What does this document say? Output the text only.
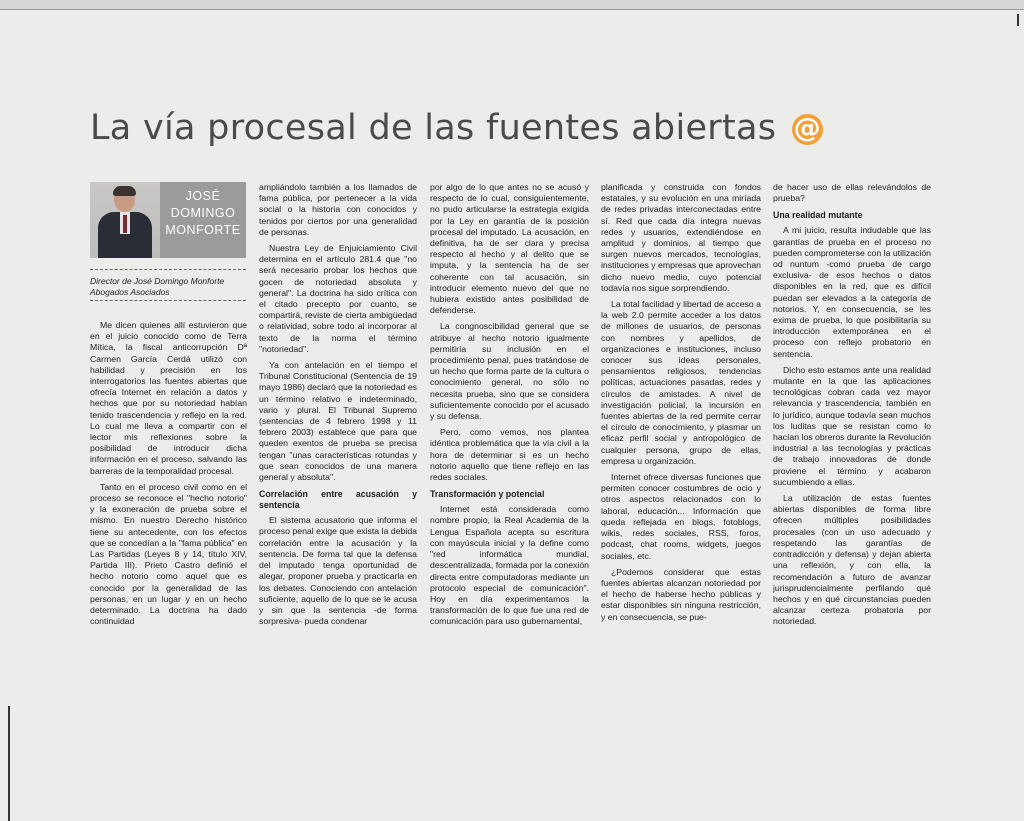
La vía procesal de las fuentes abiertas @
JOSÉ
DOMINGO
MONFORTE
Director de José Domingo Monforte
Abogados Asociados

Me dicen quienes allí estuvieron que en el juicio conocido como de Terra Mítica, la fiscal anticorrupción Dª Carmen García Cerdá utilizó con habilidad y precisión en los interrogatorios las fuentes abiertas que ofrecía Internet en relación a datos y hechos que por su notoriedad habían tenido trascendencia y reflejo en la red. Lo cual me lleva a compartir con el lector mis reflexiones sobre la posibilidad de introducir dicha información en el proceso, salvando las barreras de la temporalidad procesal.

Tanto en el proceso civil como en el proceso se reconoce el "hecho notorio" y la exoneración de prueba sobre el mismo. En nuestro Derecho histórico tiene su antecedente, con los efectos que se concedían a la "fama pública" en Las Partidas (Leyes 8 y 14, título XIV, Partida III). Prieto Castro definió el hecho notorio como aquel que es conocido por la generalidad de las personas, en un lugar y en un hecho determinado. La doctrina ha dado continuidad

ampliándolo también a los llamados de fama pública, por pertenecer a la vida social o la historia con conocidos y tenidos por ciertos por una generalidad de personas.

Nuestra Ley de Enjuiciamiento Civil determina en el artículo 281.4 que "no será necesario probar los hechos que gocen de notoriedad absoluta y general". La doctrina ha sido crítica con el citado precepto por cuanto, se compartirá, reviste de cierta ambigüedad o relatividad, sobre todo al incorporar al texto de la norma el término "notoriedad".

Ya con antelación en el tiempo el Tribunal Constitucional (Sentencia de 19 mayo 1986) declaró que la notoriedad es un término relativo e indeterminado, vario y plural. El Tribunal Supremo (sentencias de 4 febrero 1998 y 11 febrero 2003) establece que para que queden exentos de prueba se precisa tengan "unas características rotundas y que sean conocidos de una manera general y absoluta".

Correlación entre acusación y sentencia

El sistema acusatorio que informa el proceso penal exige que exista la debida correlación entre la acusación y la sentencia. De forma tal que la defensa del imputado tenga oportunidad de alegar, proponer prueba y practicarla en los debates. Conociendo con antelación suficiente, aquello de lo que se le acusa y sin que la sentencia -de forma sorpresiva- pueda condenar

por algo de lo que antes no se acusó y respecto de lo cual, consiguientemente, no pudo articularse la estrategia exigida por la Ley en garantía de la posición procesal del imputado. La acusación, en definitiva, ha de ser clara y precisa respecto al hecho y al delito que se imputa, y la sentencia ha de ser coherente con tal acusación, sin introducir elemento nuevo del que no hubiera existido antes posibilidad de defenderse.

La congnoscibilidad general que se atribuye al hecho notorio igualmente permitiría su inclusión en el procedimiento penal, pues tratándose de un hecho que forma parte de la cultura o conocimiento general, no sólo no necesita prueba, sino que se considera suficientemente conocido por el acusado y su defensa.

Pero, como vemos, nos plantea idéntica problemática que la vía civil a la hora de determinar si es un hecho notorio aquello que tiene reflejo en las redes sociales.

Transformación y potencial

Internet está considerada como nombre propio, la Real Academia de la Lengua Española acepta su escritura con mayúscula inicial y la define como "red informática mundial, descentralizada, formada por la conexión directa entre computadoras mediante un protocolo especial de comunicación". Hoy en día experimentamos la transformación de lo que fue una red de comunicación para uso gubernamental,

planificada y construida con fondos estatales, y su evolución en una miríada de redes privadas interconectadas entre sí. Red que cada día integra nuevas redes y usuarios, extendiéndose en amplitud y dominios, al tiempo que surgen nuevos mercados, tecnologías, instituciones y empresas que aprovechan dicho nuevo medio, cuyo potencial todavía nos sigue sorprendiendo.

La total facilidad y libertad de acceso a la web 2.0 permite acceder a los datos de millones de usuarios, de personas con nombres y apellidos, de organizaciones e instituciones, incluso conocer sus ideas personales, pensamientos religiosos, tendencias políticas, actuaciones pasadas, redes y círculos de amistades. A nivel de investigación policial, la incursión en fuentes abiertas de la red permite cerrar el círculo de conocimiento, y plasmar un eficaz perfil social y antropológico de cualquier persona, grupo de ellas, empresa u organización.

Internet ofrece diversas funciones que permiten conocer costumbres de ocio y otros aspectos relacionados con lo laboral, educación... Información que queda reflejada en blogs, fotoblogs, wikis, redes sociales, RSS, foros, podcast, chat rooms, widgets, juegos sociales, etc.

¿Podemos considerar que estas fuentes abiertas alcanzan notoriedad por el hecho de haberse hecho públicas y estar disponibles sin ninguna restricción, y en consecuencia, se pue-

de hacer uso de ellas relevándolos de prueba?

Una realidad mutante

A mi juicio, resulta indudable que las garantías de prueba en el proceso no pueden comprometerse con la utilización od nuntum -como prueba de cargo exclusiva- de esos hechos o datos disponibles en la red, que es difícil puedan ser elevados a la categoría de notorios. Y, en consecuencia, se les exima de prueba, lo que posibilitaría su introducción extemporánea en el proceso con reflejo probatorio en sentencia.

Dicho esto estamos ante una realidad mutante en la que las aplicaciones tecnológicas cobran cada vez mayor relevancia y trascendencia, también en lo jurídico, aunque todavía sean muchos los luditas que se resistan como lo hacían los obreros durante la Revolución industrial a las tecnologías y prácticas de trabajo innovadoras de donde proviene el término y acabaron sucumbiendo a ellas.

La utilización de estas fuentes abiertas disponibles de forma libre ofrecen múltiples posibilidades procesales (con un uso adecuado y respetando las garantías de contradicción y defensa) y dejan abierta una reflexión, y con ella, la recomendación a futuro de avanzar jurisprudencialmente perfilando qué hechos y en qué circunstancias pueden alcanzar certeza probatoria por notoriedad.
